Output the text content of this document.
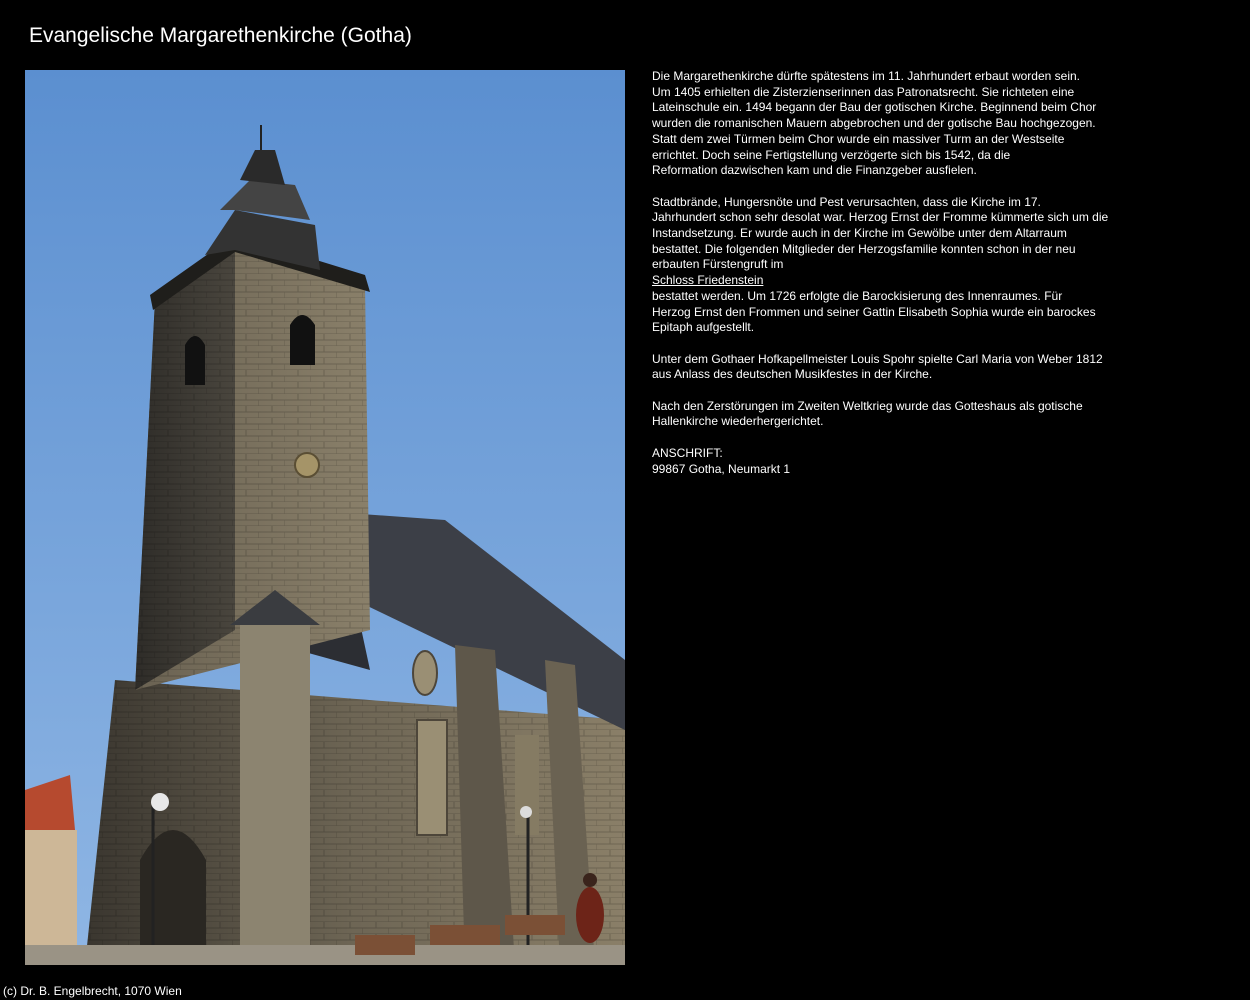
Evangelische Margarethenkirche (Gotha)

Die Margarethenkirche dürfte spätestens im 11. Jahrhundert erbaut worden sein.
Um 1405 erhielten die Zisterzienserinnen das Patronatsrecht. Sie richteten eine
Lateinschule ein. 1494 begann der Bau der gotischen Kirche. Beginnend beim Chor
wurden die romanischen Mauern abgebrochen und der gotische Bau hochgezogen.
Statt dem zwei Türmen beim Chor wurde ein massiver Turm an der Westseite
errichtet. Doch seine Fertigstellung verzögerte sich bis 1542, da die
Reformation dazwischen kam und die Finanzgeber ausfielen.

Stadtbrände, Hungersnöte und Pest verursachten, dass die Kirche im 17.
Jahrhundert schon sehr desolat war. Herzog Ernst der Fromme kümmerte sich um die
Instandsetzung. Er wurde auch in der Kirche im Gewölbe unter dem Altarraum
bestattet. Die folgenden Mitglieder der Herzogsfamilie konnten schon in der neu
erbauten Fürstengruft im
Schloss Friedenstein
bestattet werden. Um 1726 erfolgte die Barockisierung des Innenraumes. Für
Herzog Ernst den Frommen und seiner Gattin Elisabeth Sophia wurde ein barockes
Epitaph aufgestellt.

Unter dem Gothaer Hofkapellmeister Louis Spohr spielte Carl Maria von Weber 1812
aus Anlass des deutschen Musikfestes in der Kirche.

Nach den Zerstörungen im Zweiten Weltkrieg wurde das Gotteshaus als gotische
Hallenkirche wiederhergerichtet.

ANSCHRIFT:
99867 Gotha, Neumarkt 1

(c) Dr. B. Engelbrecht, 1070 Wien
